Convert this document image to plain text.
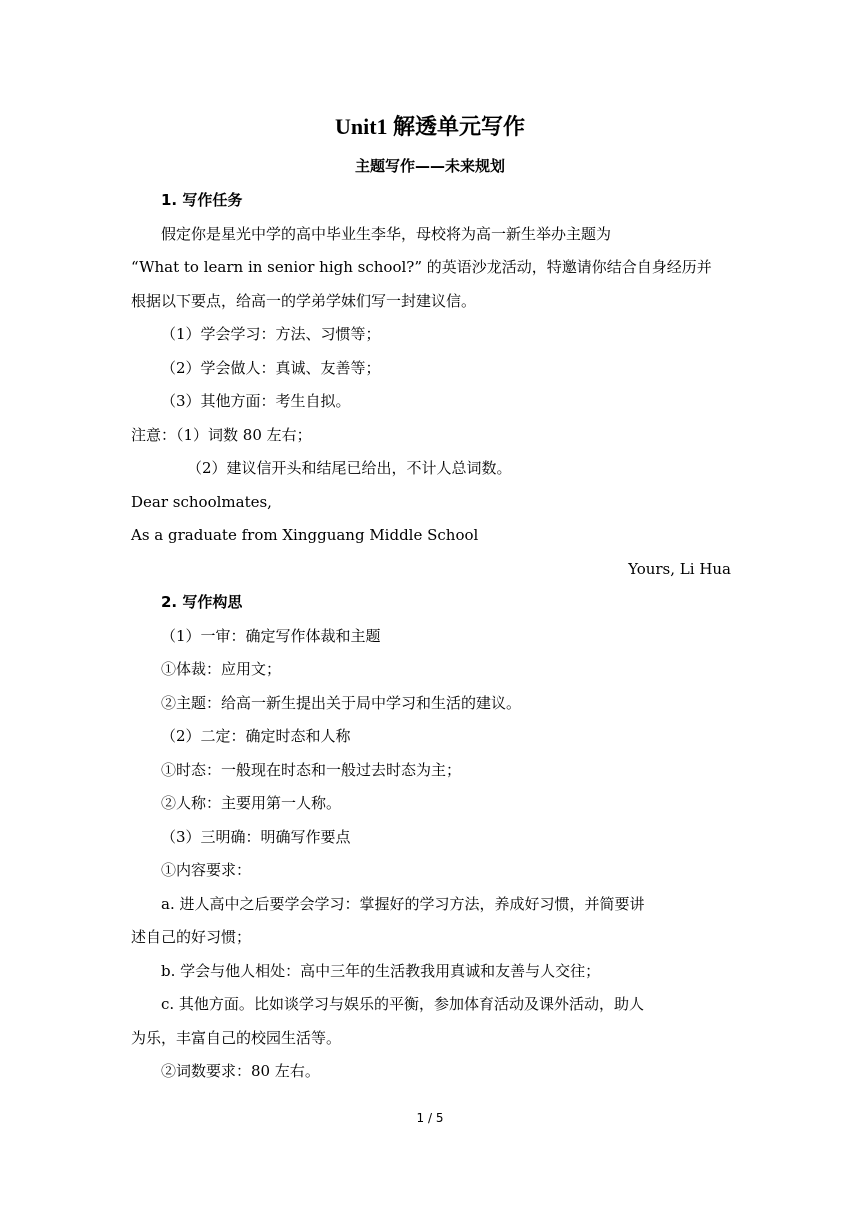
Unit1 解透单元写作
主题写作——未来规划

1. 写作任务

假定你是星光中学的高中毕业生李华，母校将为高一新生举办主题为

“What to learn in senior high school?” 的英语沙龙活动，特邀请你结合自身经历并

根据以下要点，给高一的学弟学妹们写一封建议信。

（1）学会学习：方法、习惯等；

（2）学会做人：真诚、友善等；

（3）其他方面：考生自拟。

注意：（1）词数 80 左右；

（2）建议信开头和结尾已给出，不计人总词数。

Dear schoolmates,

As a graduate from Xingguang Middle School

Yours, Li Hua

2. 写作构思

（1）一审：确定写作体裁和主题

①体裁：应用文；

②主题：给高一新生提出关于局中学习和生活的建议。

（2）二定：确定时态和人称

①时态：一般现在时态和一般过去时态为主；

②人称：主要用第一人称。

（3）三明确：明确写作要点

①内容要求：

a. 进人高中之后要学会学习：掌握好的学习方法，养成好习惯，并简要讲

述自己的好习惯；

b. 学会与他人相处：高中三年的生活教我用真诚和友善与人交往；

c. 其他方面。比如谈学习与娱乐的平衡，参加体育活动及课外活动，助人

为乐，丰富自己的校园生活等。

②词数要求：80 左右。

1 / 5
